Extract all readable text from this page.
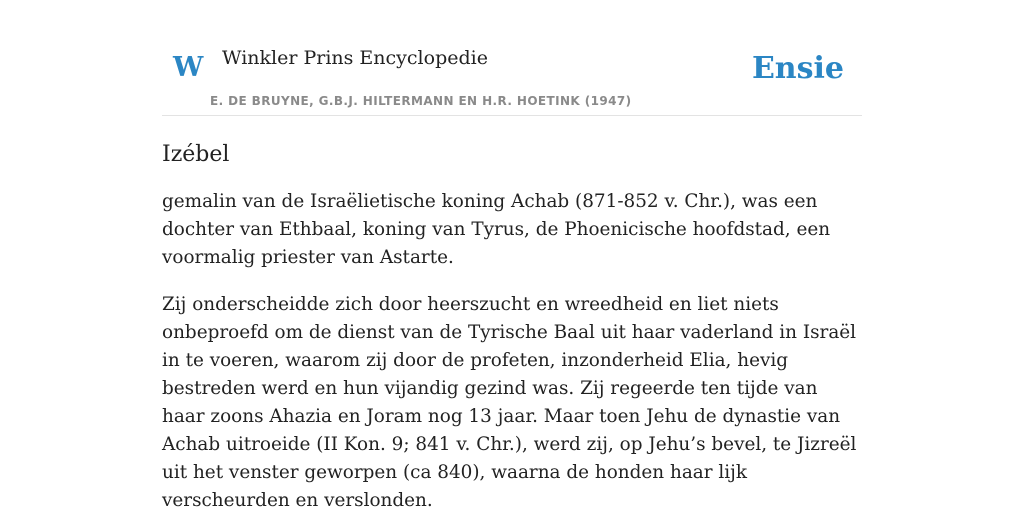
W Winkler Prins Encyclopedie
E. DE BRUYNE, G.B.J. HILTERMANN EN H.R. HOETINK (1947)
Ensie
Izébel

gemalin van de Israëlietische koning Achab (871-852 v. Chr.), was een dochter van Ethbaal, koning van Tyrus, de Phoenicische hoofdstad, een voormalig priester van Astarte.

Zij onderscheidde zich door heerszucht en wreedheid en liet niets onbeproefd om de dienst van de Tyrische Baal uit haar vaderland in Israël in te voeren, waarom zij door de profeten, inzonderheid Elia, hevig bestreden werd en hun vijandig gezind was. Zij regeerde ten tijde van haar zoons Ahazia en Joram nog 13 jaar. Maar toen Jehu de dynastie van Achab uitroeide (II Kon. 9; 841 v. Chr.), werd zij, op Jehu’s bevel, te Jizreël uit het venster geworpen (ca 840), waarna de honden haar lijk verscheurden en verslonden.
